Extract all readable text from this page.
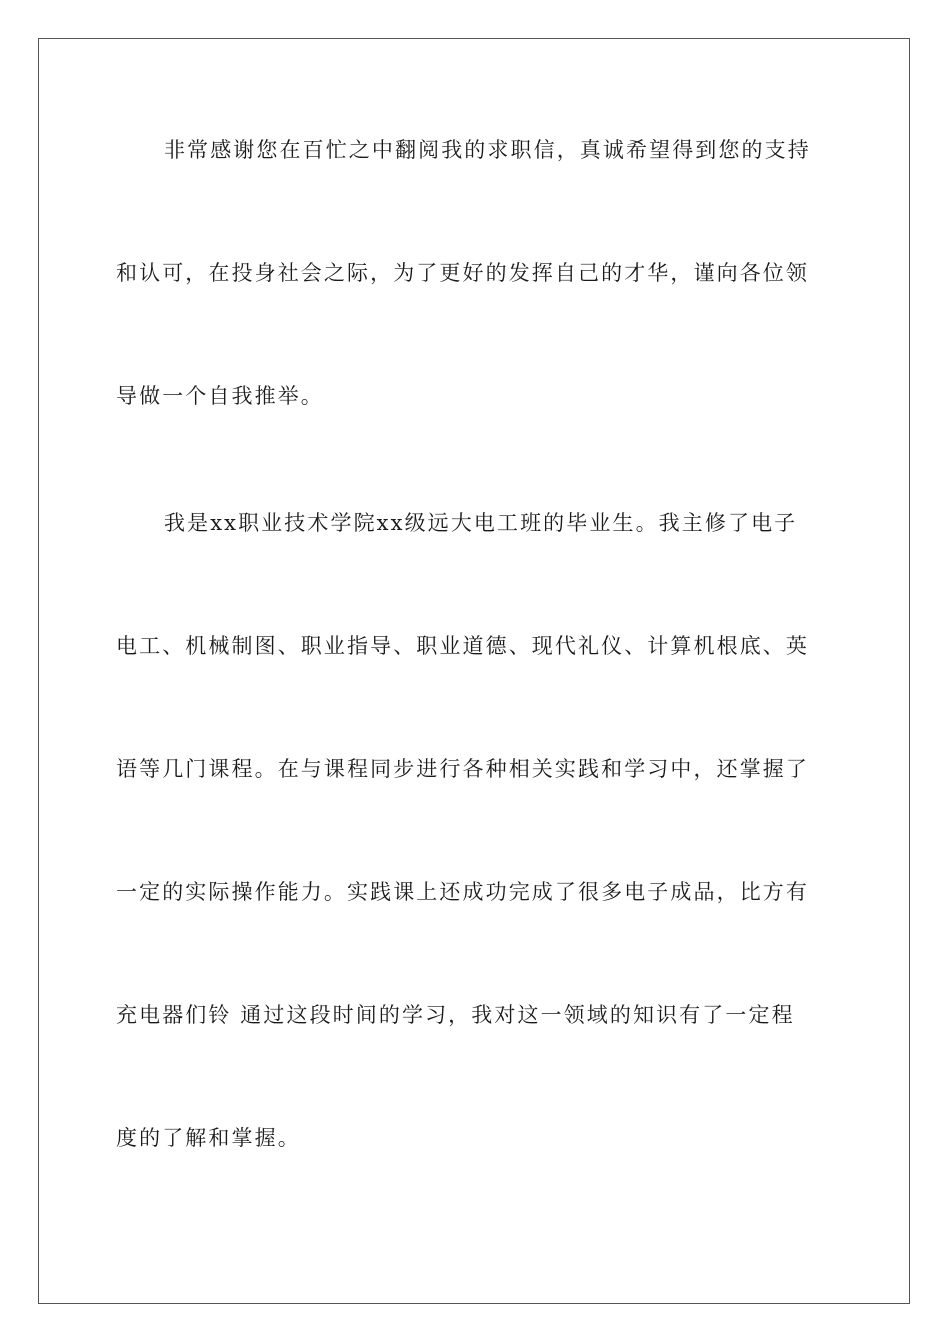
非常感谢您在百忙之中翻阅我的求职信，真诚希望得到您的支持
和认可，在投身社会之际，为了更好的发挥自己的才华，谨向各位领
导做一个自我推举。
我是xx职业技术学院xx级远大电工班的毕业生。我主修了电子
电工、机械制图、职业指导、职业道德、现代礼仪、计算机根底、英
语等几门课程。在与课程同步进行各种相关实践和学习中，还掌握了
一定的实际操作能力。实践课上还成功完成了很多电子成品，比方有
充电器们铃 通过这段时间的学习，我对这一领域的知识有了一定程
度的了解和掌握。
